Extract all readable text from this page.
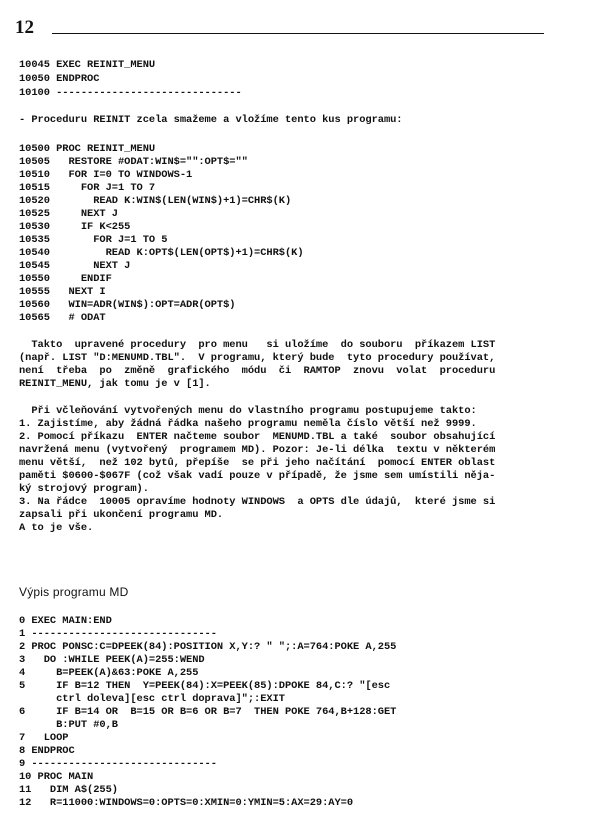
12
10045 EXEC REINIT_MENU
10050 ENDPROC
10100 ------------------------------
- Proceduru REINIT zcela smažeme a vložíme tento kus programu:
10500 PROC REINIT_MENU
10505   RESTORE #ODAT:WIN$="":OPT$=""
10510   FOR I=0 TO WINDOWS-1
10515     FOR J=1 TO 7
10520       READ K:WIN$(LEN(WIN$)+1)=CHR$(K)
10525     NEXT J
10530     IF K<255
10535       FOR J=1 TO 5
10540         READ K:OPT$(LEN(OPT$)+1)=CHR$(K)
10545       NEXT J
10550     ENDIF
10555   NEXT I
10560   WIN=ADR(WIN$):OPT=ADR(OPT$)
10565   # ODAT
Takto  upravené procedury  pro menu   si uložíme  do souboru  příkazem LIST
(např. LIST "D:MENUMD.TBL".  V programu, který bude  tyto procedury používat,
není  třeba  po  změně  grafického  módu  či  RAMTOP  znovu  volat  proceduru
REINIT_MENU, jak tomu je v [1].
Při včleňování vytvořených menu do vlastního programu postupujeme takto:
1. Zajistíme, aby žádná řádka našeho programu neměla číslo větší než 9999.
2. Pomocí příkazu  ENTER načteme soubor  MENUMD.TBL a také  soubor obsahující
navržená menu (vytvořený  programem MD). Pozor: Je-li délka  textu v některém
menu větší,  než 102 bytů, přepíše  se při jeho načítání  pomocí ENTER oblast
paměti $0600-$067F (což však vadí pouze v případě, že jsme sem umístili něja-
ký strojový program).
3. Na řádce  10005 opravíme hodnoty WINDOWS  a OPTS dle údajů,  které jsme si
zapsali při ukončení programu MD.
A to je vše.
Výpis programu MD
0 EXEC MAIN:END
1 ------------------------------
2 PROC PONSC:C=DPEEK(84):POSITION X,Y:? " ";:A=764:POKE A,255
3   DO :WHILE PEEK(A)=255:WEND
4     B=PEEK(A)&63:POKE A,255
5     IF B=12 THEN  Y=PEEK(84):X=PEEK(85):DPOKE 84,C:? "[esc
ctrl doleva][esc ctrl doprava]";:EXIT
6     IF B=14 OR  B=15 OR B=6 OR B=7  THEN POKE 764,B+128:GET
B:PUT #0,B
7   LOOP
8 ENDPROC
9 ------------------------------
10 PROC MAIN
11   DIM A$(255)
12   R=11000:WINDOWS=0:OPTS=0:XMIN=0:YMIN=5:AX=29:AY=0
